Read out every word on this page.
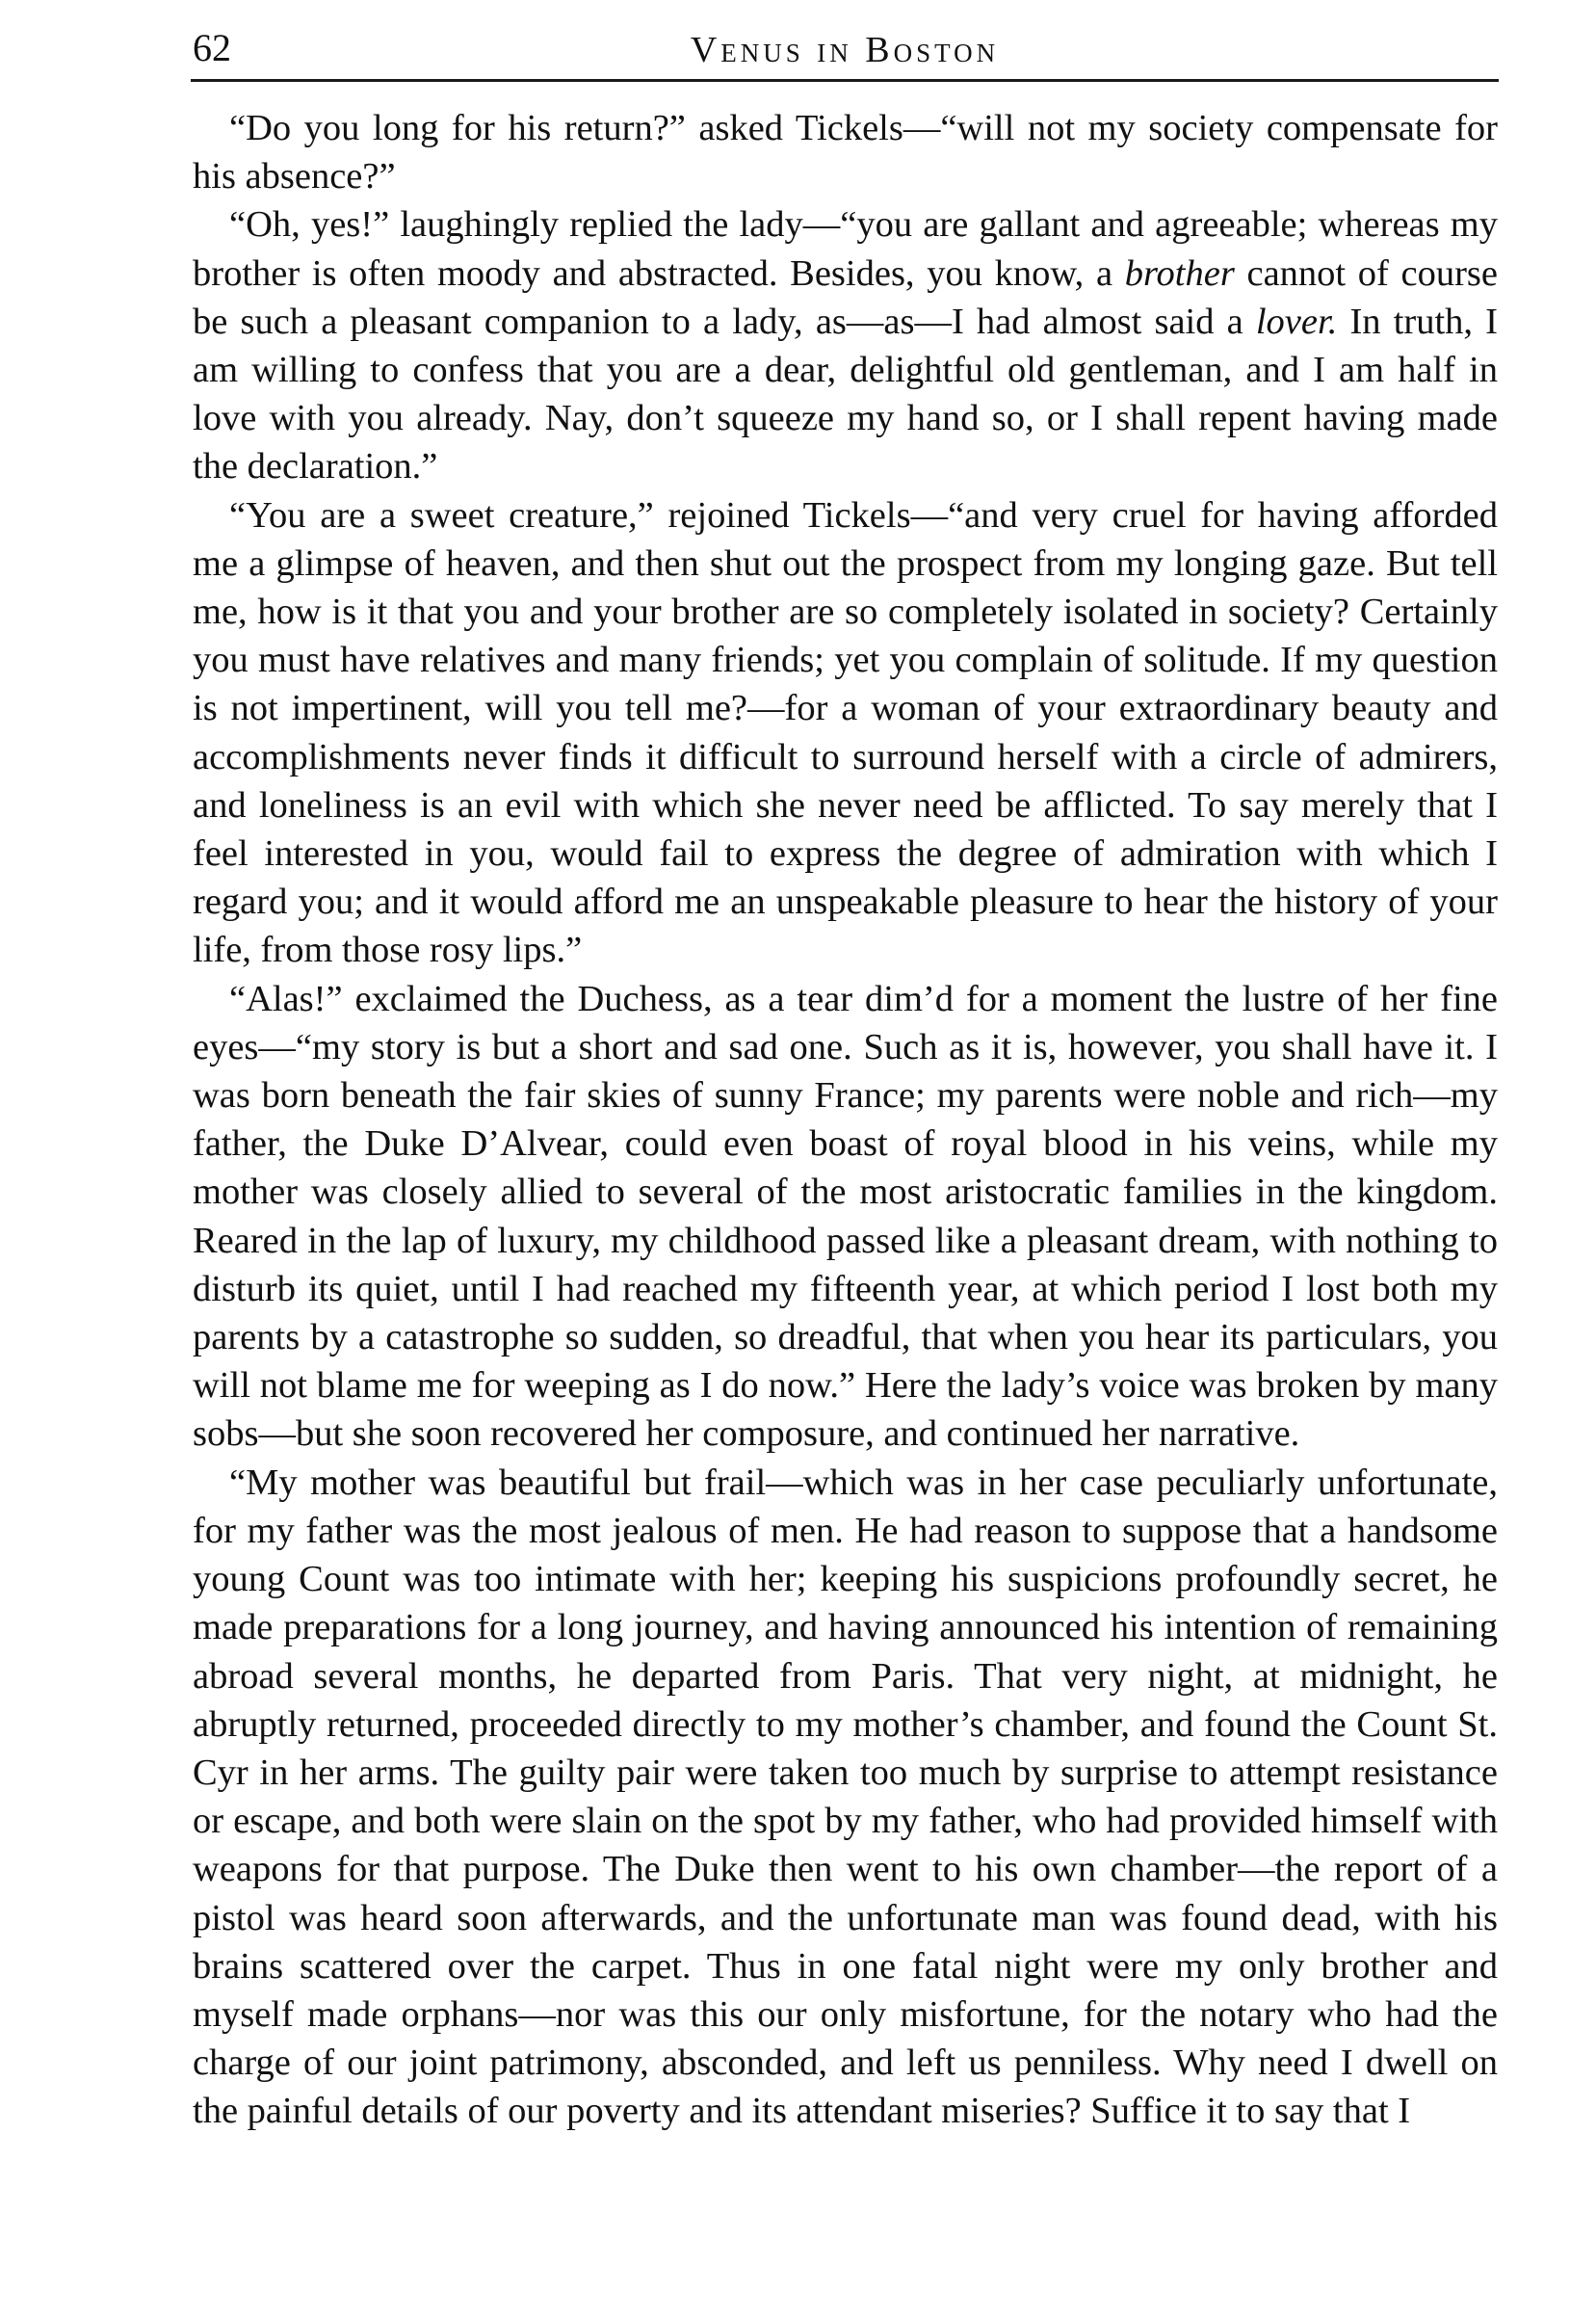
62	Venus in Boston

“Do you long for his return?” asked Tickels—“will not my society compensate for his absence?”

“Oh, yes!” laughingly replied the lady—“you are gallant and agreeable; whereas my brother is often moody and abstracted. Besides, you know, a brother cannot of course be such a pleasant companion to a lady, as—as—I had almost said a lover. In truth, I am willing to confess that you are a dear, delightful old gentleman, and I am half in love with you already. Nay, don’t squeeze my hand so, or I shall repent having made the declaration.”

“You are a sweet creature,” rejoined Tickels—“and very cruel for having afforded me a glimpse of heaven, and then shut out the prospect from my longing gaze. But tell me, how is it that you and your brother are so completely isolated in society? Certainly you must have relatives and many friends; yet you complain of solitude. If my question is not impertinent, will you tell me?—for a woman of your extraordinary beauty and accomplishments never finds it difficult to surround herself with a circle of admirers, and loneliness is an evil with which she never need be afflicted. To say merely that I feel interested in you, would fail to express the degree of admiration with which I regard you; and it would afford me an unspeakable pleasure to hear the history of your life, from those rosy lips.”

“Alas!” exclaimed the Duchess, as a tear dim’d for a moment the lustre of her fine eyes—“my story is but a short and sad one. Such as it is, however, you shall have it. I was born beneath the fair skies of sunny France; my parents were noble and rich—my father, the Duke D’Alvear, could even boast of royal blood in his veins, while my mother was closely allied to several of the most aristocratic families in the kingdom. Reared in the lap of luxury, my childhood passed like a pleasant dream, with nothing to disturb its quiet, until I had reached my fifteenth year, at which period I lost both my parents by a catastrophe so sudden, so dreadful, that when you hear its particulars, you will not blame me for weeping as I do now.” Here the lady’s voice was broken by many sobs—but she soon recovered her composure, and continued her narrative.

“My mother was beautiful but frail—which was in her case peculiarly unfortunate, for my father was the most jealous of men. He had reason to suppose that a handsome young Count was too intimate with her; keeping his suspicions profoundly secret, he made preparations for a long journey, and having announced his intention of remaining abroad several months, he departed from Paris. That very night, at midnight, he abruptly returned, proceeded directly to my mother’s chamber, and found the Count St. Cyr in her arms. The guilty pair were taken too much by surprise to attempt resistance or escape, and both were slain on the spot by my father, who had provided himself with weapons for that purpose. The Duke then went to his own chamber—the report of a pistol was heard soon afterwards, and the unfortunate man was found dead, with his brains scattered over the carpet. Thus in one fatal night were my only brother and myself made orphans—nor was this our only misfortune, for the notary who had the charge of our joint patrimony, absconded, and left us penniless. Why need I dwell on the painful details of our poverty and its attendant miseries? Suffice it to say that I
